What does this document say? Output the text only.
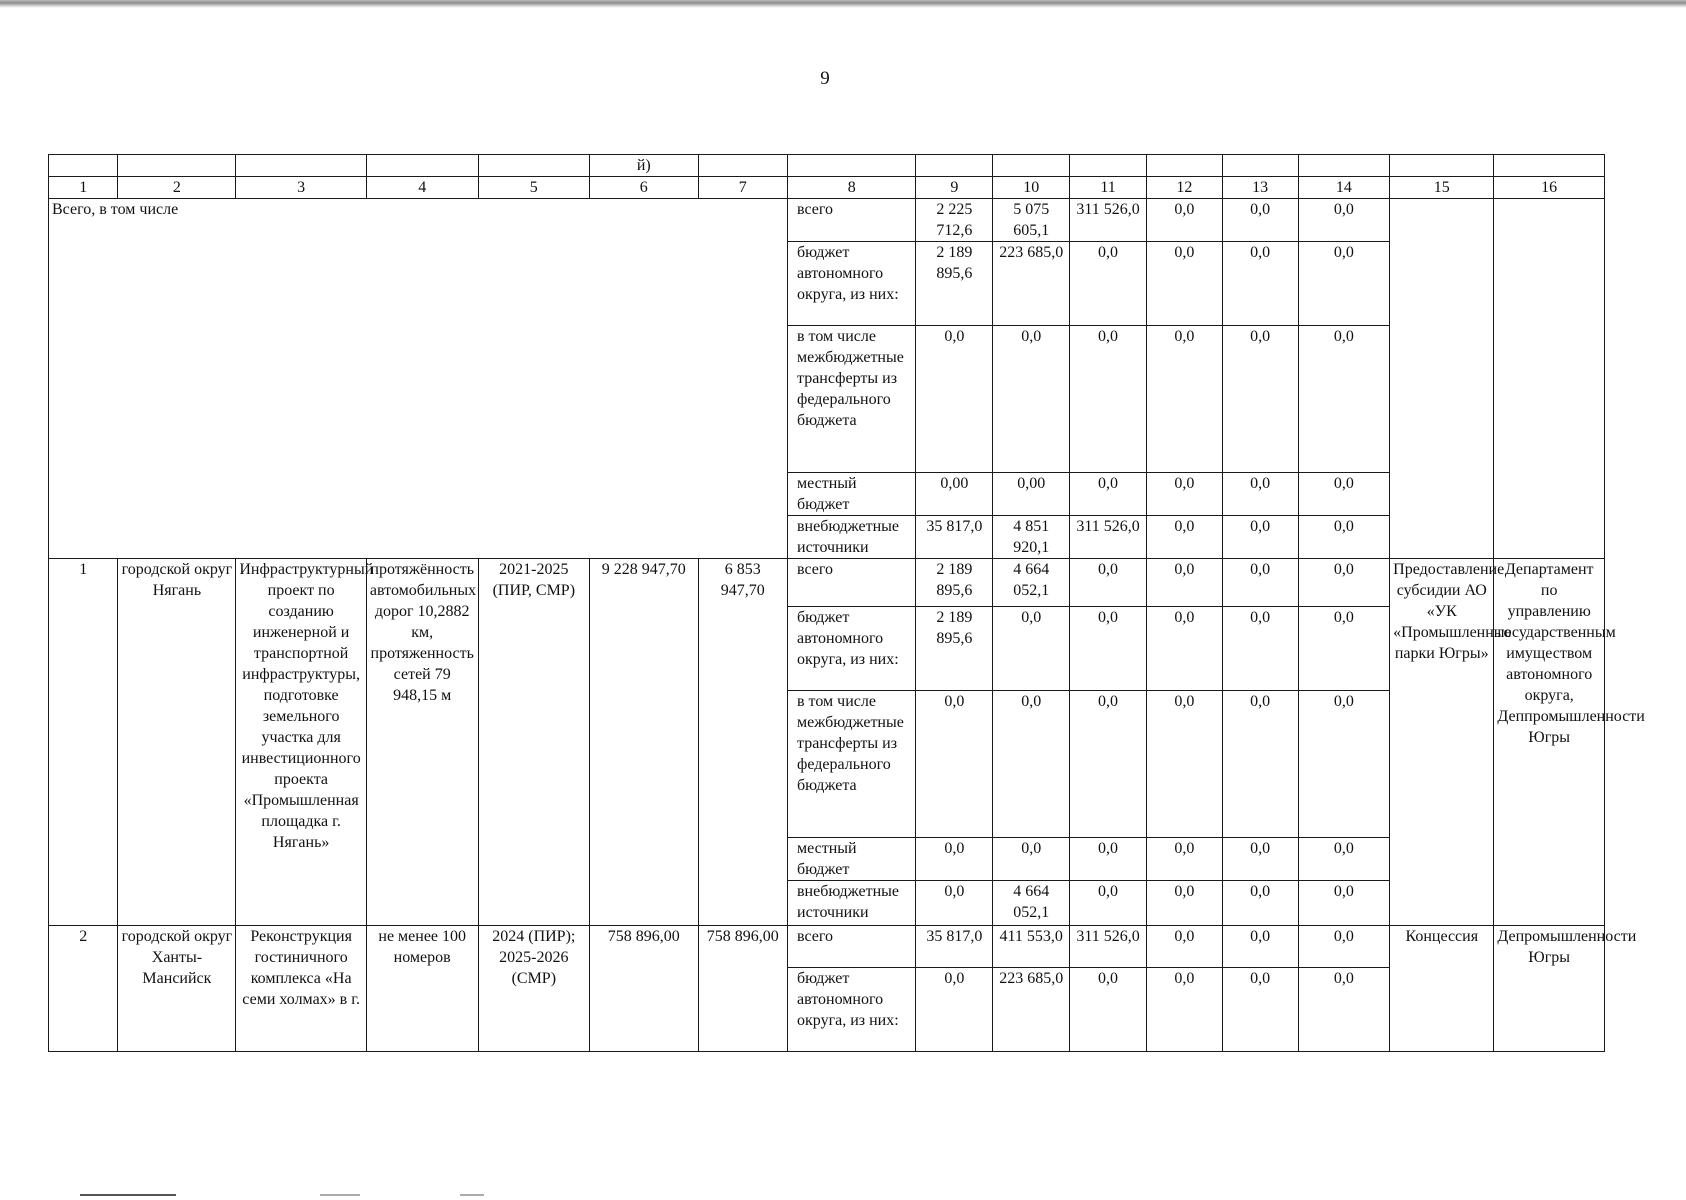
9
					й)										
1	2	3	4	5	6	7	8	9	10	11	12	13	14	15	16
Всего, в том числе							всего	2 225 712,6	5 075 605,1	311 526,0	0,0	0,0	0,0		
							бюджет автономного округа, из них:	2 189 895,6	223 685,0	0,0	0,0	0,0	0,0		
							в том числе межбюджетные трансферты из федерального бюджета	0,0	0,0	0,0	0,0	0,0	0,0		
							местный бюджет	0,00	0,00	0,0	0,0	0,0	0,0		
							внебюджетные источники	35 817,0	4 851 920,1	311 526,0	0,0	0,0	0,0		
1	городской округ Нягань	Инфраструктурный проект по созданию инженерной и транспортной инфраструктуры, подготовке земельного участка для инвестиционного проекта «Промышленная площадка г. Нягань»	протяжённость автомобильных дорог 10,2882 км, протяженность сетей 79 948,15 м	2021-2025 (ПИР, СМР)	9 228 947,70	6 853 947,70	всего	2 189 895,6	4 664 052,1	0,0	0,0	0,0	0,0	Предоставление субсидии АО «УК «Промышленные парки Югры»	Департамент по управлению государственным имуществом автономного округа, Деппромышленности Югры
							бюджет автономного округа, из них:	2 189 895,6	0,0	0,0	0,0	0,0	0,0		
							в том числе межбюджетные трансферты из федерального бюджета	0,0	0,0	0,0	0,0	0,0	0,0		
							местный бюджет	0,0	0,0	0,0	0,0	0,0	0,0		
							внебюджетные источники	0,0	4 664 052,1	0,0	0,0	0,0	0,0		
2	городской округ Ханты-Мансийск	Реконструкция гостиничного комплекса «На семи холмах» в г.	не менее 100 номеров	2024 (ПИР); 2025-2026 (СМР)	758 896,00	758 896,00	всего	35 817,0	411 553,0	311 526,0	0,0	0,0	0,0	Концессия	Депромышленности Югры
							бюджет автономного округа, из них:	0,0	223 685,0	0,0	0,0	0,0	0,0		
